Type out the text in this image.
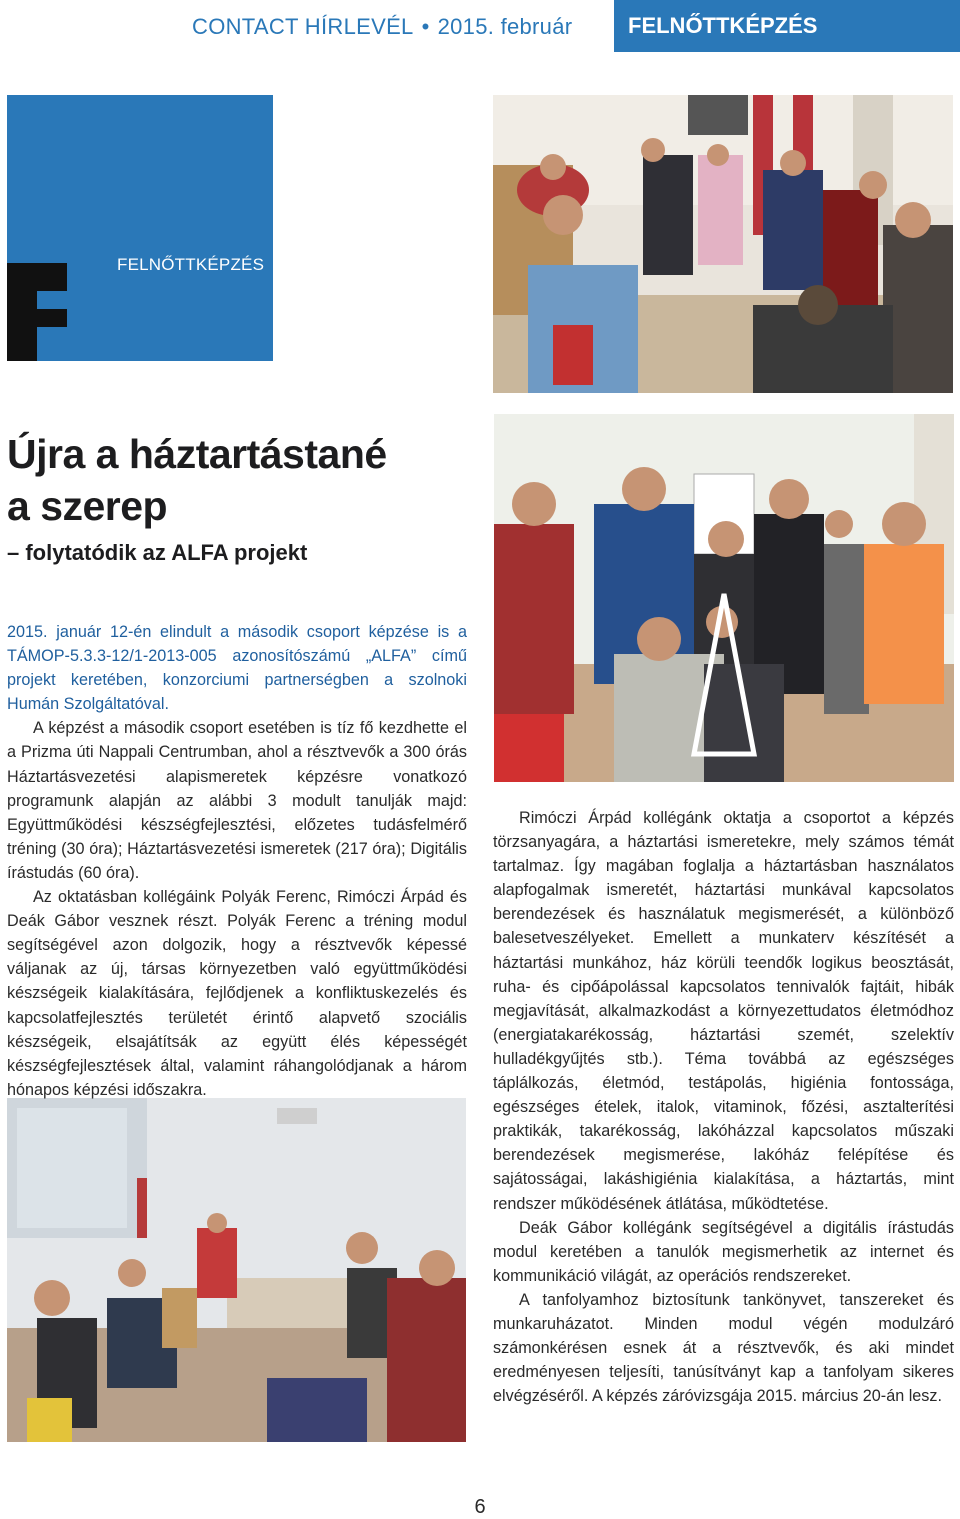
CONTACT HÍRLEVÉL • 2015. február	FELNŐTTKÉPZÉS
FELNŐTTKÉPZÉS
Újra a háztartástané
a szerep
– folytatódik az ALFA projekt

2015. január 12-én elindult a második csoport képzése is a TÁMOP-5.3.3-12/1-2013-005 azonosítószámú „ALFA” című projekt keretében, konzorciumi partnerségben a szolnoki Humán Szolgáltatóval.

A képzést a második csoport esetében is tíz fő kezdhette el a Prizma úti Nappali Centrumban, ahol a résztvevők a 300 órás Háztartásvezetési alapismeretek képzésre vonatkozó programunk alapján az alábbi 3 modult tanulják majd: Együttműködési készségfejlesztési, előzetes tudásfelmérő tréning (30 óra); Háztartásvezetési ismeretek (217 óra); Digitális írástudás (60 óra).

Az oktatásban kollégáink Polyák Ferenc, Rimóczi Árpád és Deák Gábor vesznek részt. Polyák Ferenc a tréning modul segítségével azon dolgozik, hogy a résztvevők képessé váljanak az új, társas környezetben való együttműködési készségeik kialakítására, fejlődjenek a konfliktuskezelés és kapcsolatfejlesztés területét érintő alapvető szociális készségeik, elsajátítsák az együtt élés képességét készségfejlesztések által, valamint ráhangolódjanak a három hónapos képzési időszakra.

Rimóczi Árpád kollégánk oktatja a csoportot a képzés törzsanyagára, a háztartási ismeretekre, mely számos témát tartalmaz. Így magában foglalja a háztartásban használatos alapfogalmak ismeretét, háztartási munkával kapcsolatos berendezések és használatuk megismerését, a különböző balesetveszélyeket. Emellett a munkaterv készítését a háztartási munkához, ház körüli teendők logikus beosztását, ruha- és cipőápolással kapcsolatos tennivalók fajtáit, hibák megjavítását, alkalmazkodást a környezettudatos életmódhoz (energiatakarékosság, háztartási szemét, szelektív hulladékgyűjtés stb.). Téma továbbá az egészséges táplálkozás, életmód, testápolás, higiénia fontossága, egészséges ételek, italok, vitaminok, főzési, asztalterítési praktikák, takarékosság, lakóházzal kapcsolatos műszaki berendezések megismerése, lakóház felépítése és sajátosságai, lakáshigiénia kialakítása, a háztartás, mint rendszer működésének átlátása, működtetése.

Deák Gábor kollégánk segítségével a digitális írástudás modul keretében a tanulók megismerhetik az internet és kommunikáció világát, az operációs rendszereket.

A tanfolyamhoz biztosítunk tankönyvet, tanszereket és munkaruházatot. Minden modul végén modulzáró számonkérésen esnek át a résztvevők, és aki mindet eredményesen teljesíti, tanúsítványt kap a tanfolyam sikeres elvégzéséről. A képzés záróvizsgája 2015. március 20-án lesz.

6
